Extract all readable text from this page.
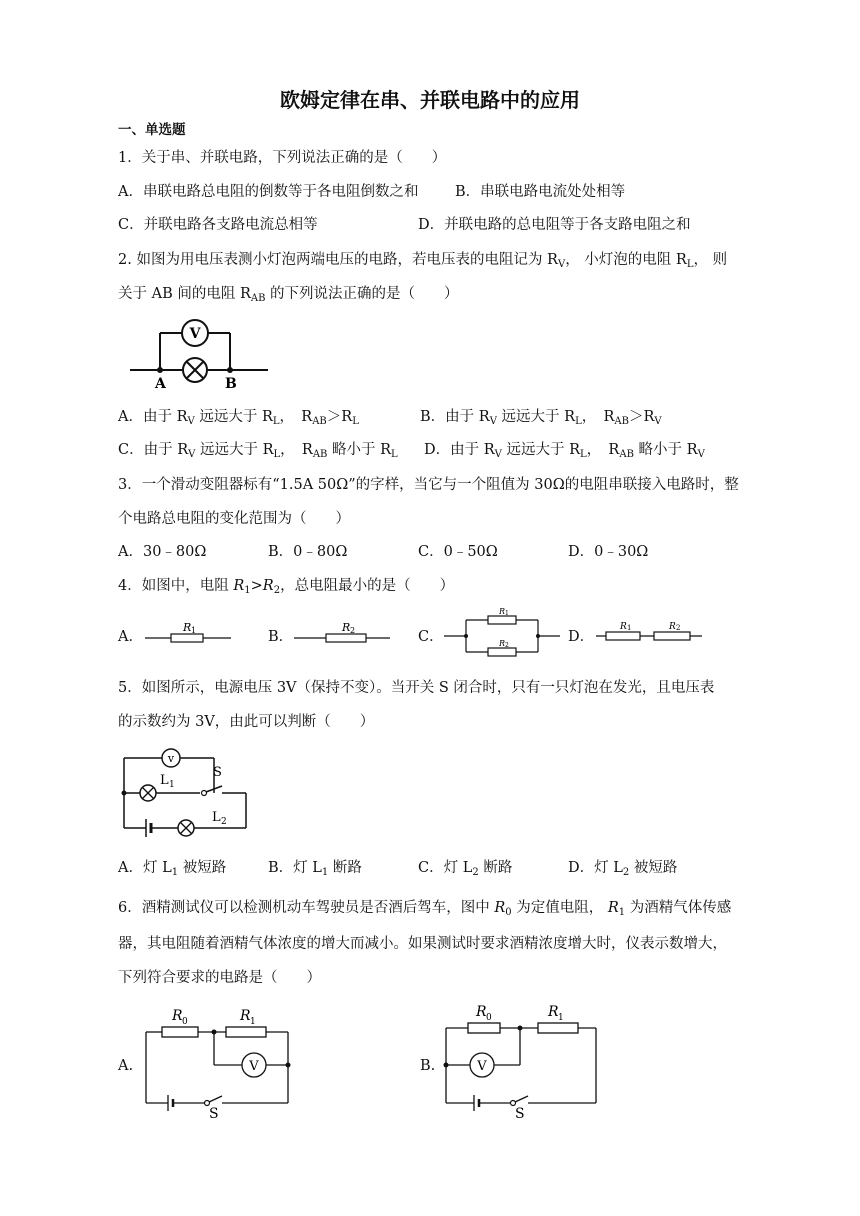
欧姆定律在串、并联电路中的应用
一、单选题
1．关于串、并联电路，下列说法正确的是（　　）
A．串联电路总电阻的倒数等于各电阻倒数之和	B．串联电路电流处处相等
C．并联电路各支路电流总相等	D．并联电路的总电阻等于各支路电阻之和
2. 如图为用电压表测小灯泡两端电压的电路，若电压表的电阻记为 $R_V$， 小灯泡的电阻 $R_L$， 则
关于 AB 间的电阻 $R_{AB}$ 的下列说法正确的是（　　）
V
A	B
A．由于 $R_V$ 远远大于 $R_L$，　$R_{AB}>R_L$	B．由于 $R_V$ 远远大于 $R_L$，　$R_{AB}>R_V$
C．由于 $R_V$ 远远大于 $R_L$，　$R_{AB}$ 略小于 $R_L$ D．由于 $R_V$ 远远大于 $R_L$，　$R_{AB}$ 略小于 $R_V$
3．一个滑动变阻器标有“1.5A 50Ω”的字样，当它与一个阻值为 30Ω的电阻串联接入电路时，整
个电路总电阻的变化范围为（　　）
A．30﹣80Ω	B．0﹣80Ω	C．0﹣50Ω	D．0﹣30Ω
4．如图中，电阻 $R_1>R_2$，总电阻最小的是（　　）
A．
R 1	B．
R 2	C．
R 1
R 2
D．
R 1	R 2
5．如图所示，电源电压 3V（保持不变）。当开关 S 闭合时，只有一只灯泡在发光，且电压表
的示数约为 3V，由此可以判断（　　）
v
L 1
S
L 2
A．灯 $L_1$ 被短路	B．灯 $L_1$ 断路	C．灯 $L_2$ 断路	D．灯 $L_2$ 被短路
6．酒精测试仪可以检测机动车驾驶员是否酒后驾车，图中 $R_0$ 为定值电阻， $R_1$ 为酒精气体传感
器，其电阻随着酒精气体浓度的增大而减小。如果测试时要求酒精浓度增大时，仪表示数增大，
下列符合要求的电路是（　　）
A.
R 0	R 1
V
S
B.
R 0	R 1
V
S
